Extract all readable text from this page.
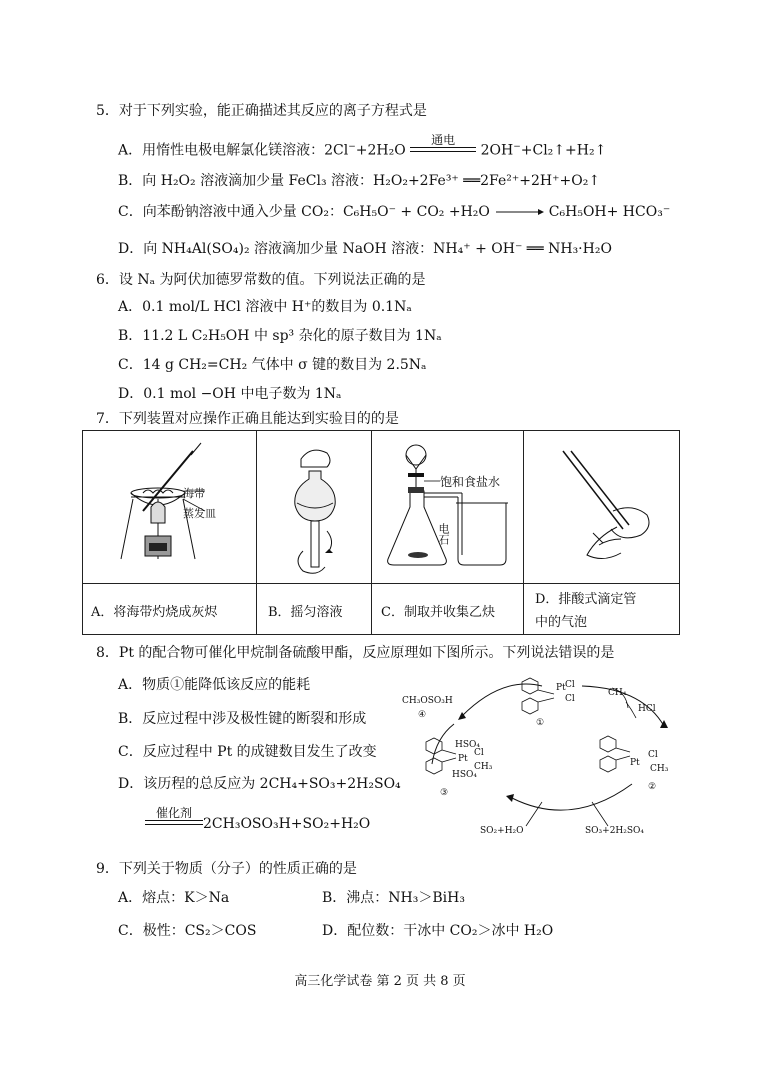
5．对于下列实验，能正确描述其反应的离子方程式是
A．用惰性电极电解氯化镁溶液：2Cl−+2H₂O
通电
2OH−+Cl₂↑+H₂↑
B．向 H₂O₂ 溶液滴加少量 FeCl₃ 溶液：H₂O₂+2Fe³⁺ ══2Fe²⁺+2H⁺+O₂↑
C．向苯酚钠溶液中通入少量 CO₂：C₆H₅O⁻ + CO₂ +H₂O	C₆H₅OH+ HCO₃⁻
D．向 NH₄Al(SO₄)₂ 溶液滴加少量 NaOH 溶液：NH₄⁺ + OH⁻ ══ NH₃·H₂O
6．设 Nₐ 为阿伏加德罗常数的值。下列说法正确的是
A．0.1 mol/L HCl 溶液中 H⁺的数目为 0.1Nₐ
B．11.2 L C₂H₅OH 中 sp³ 杂化的原子数目为 1Nₐ
C．14 g CH₂=CH₂ 气体中 σ 键的数目为 2.5Nₐ
D．0.1 mol −OH 中电子数为 1Nₐ
7．下列装置对应操作正确且能达到实验目的的是
海带
蒸发皿
饱和食盐水
电石
A．将海带灼烧成灰烬	B．摇匀溶液	C．制取并收集乙炔
D．排酸式滴定管
中的气泡
8．Pt 的配合物可催化甲烷制备硫酸甲酯，反应原理如下图所示。下列说法错误的是
A．物质①能降低该反应的能耗
B．反应过程中涉及极性键的断裂和形成
C．反应过程中 Pt 的成键数目发生了改变
D．该历程的总反应为 2CH₄+SO₃+2H₂SO₄
催化剂
2CH₃OSO₃H+SO₂+H₂O
CH₃OSO₃H
④
Pt Cl
Cl
①
CH₄
HCl
HSO₄
Pt
Cl
CH₃
HSO₄
③
Pt
Cl
CH₃
②
SO₂+H₂O	SO₃+2H₂SO₄
9．下列关于物质（分子）的性质正确的是
A．熔点：K＞Na	B．沸点：NH₃＞BiH₃
C．极性：CS₂＞COS	D．配位数：干冰中 CO₂＞冰中 H₂O
高三化学试卷 第 2 页 共 8 页
